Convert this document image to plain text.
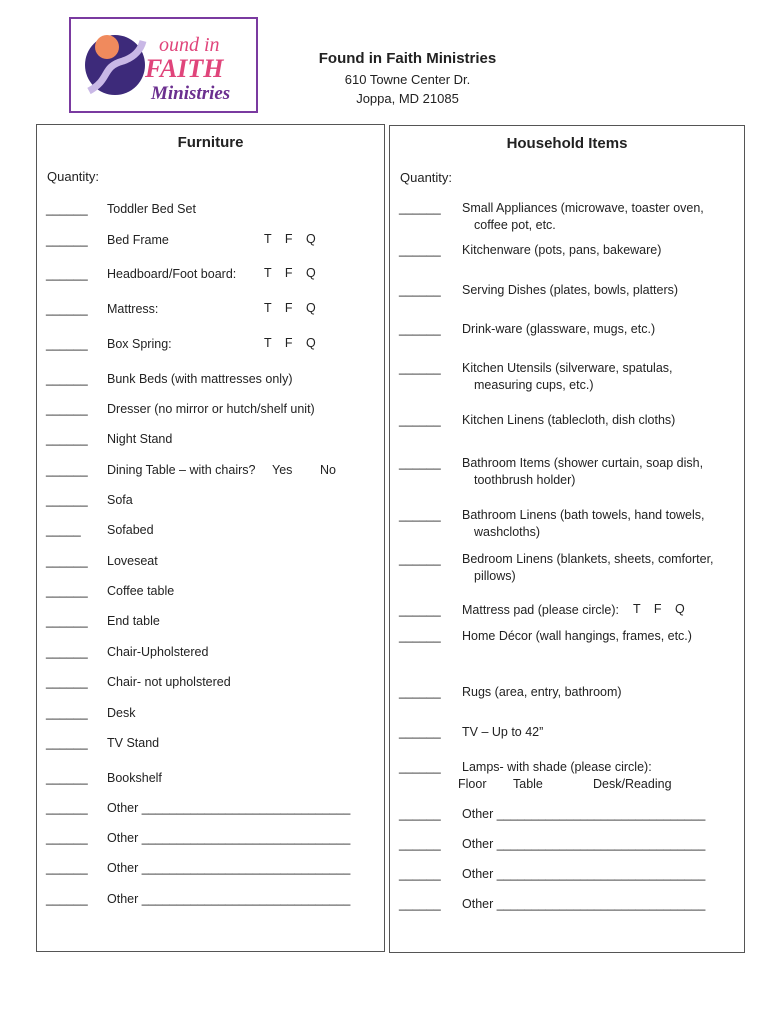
ound in
FAITH
Ministries
Found in Faith Ministries
610 Towne Center Dr.
Joppa, MD 21085
Furniture
Quantity:
______ Toddler Bed Set
______ Bed Frame	T F Q
______ Headboard/Foot board: T F Q
______ Mattress:	T F Q
______ Box Spring:	T F Q
______ Bunk Beds (with mattresses only)
______ Dresser (no mirror or hutch/shelf unit)
______ Night Stand
______ Dining Table – with chairs? Yes No
______ Sofa
_____ Sofabed
______ Loveseat
______ Coffee table
______ End table
______ Chair-Upholstered
______ Chair- not upholstered
______ Desk
______ TV Stand
______ Bookshelf
______ Other ______________________________
______ Other ______________________________
______ Other ______________________________
______ Other ______________________________
Household Items
Quantity:
______ Small Appliances (microwave, toaster oven,
coffee pot, etc.
______ Kitchenware (pots, pans, bakeware)
______ Serving Dishes (plates, bowls, platters)
______ Drink-ware (glassware, mugs, etc.)
______ Kitchen Utensils (silverware, spatulas,
measuring cups, etc.)
______ Kitchen Linens (tablecloth, dish cloths)
______ Bathroom Items (shower curtain, soap dish,
toothbrush holder)
______ Bathroom Linens (bath towels, hand towels,
washcloths)
______ Bedroom Linens (blankets, sheets, comforter,
pillows)
______ Mattress pad (please circle): T F Q
______ Home Décor (wall hangings, frames, etc.)
______ Rugs (area, entry, bathroom)
______ TV – Up to 42”
______ Lamps- with shade (please circle):
Floor Table	Desk/Reading
______ Other ______________________________
______ Other ______________________________
______ Other ______________________________
______ Other ______________________________
